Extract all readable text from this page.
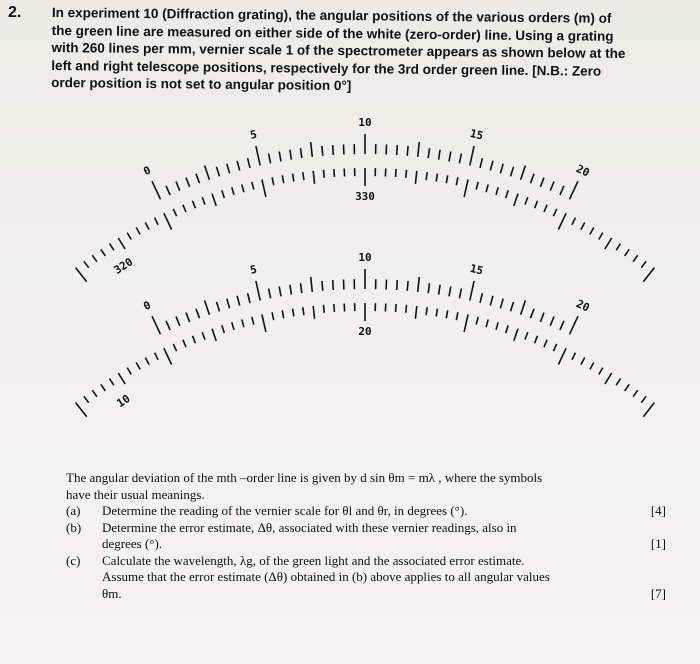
2. In experiment 10 (Diffraction grating), the angular positions of the various orders (m) of
the green line are measured on either side of the white (zero-order) line. Using a grating
with 260 lines per mm, vernier scale 1 of the spectrometer appears as shown below at the
left and right telescope positions, respectively for the 3rd order green line. [N.B.: Zero
order position is not set to angular position 0°]
0
5
10
15
20
320
330
0
5
10
15
20
10
20
The angular deviation of the mth –order line is given by d sin θm = mλ , where the symbols
have their usual meanings.
(a)	Determine the reading of the vernier scale for θl and θr, in degrees (°).	[4]
(b)	Determine the error estimate, Δθ, associated with these vernier readings, also in
degrees (°).	[1]
(c)	Calculate the wavelength, λg, of the green light and the associated error estimate.
Assume that the error estimate (Δθ) obtained in (b) above applies to all angular values
θm.	[7]
